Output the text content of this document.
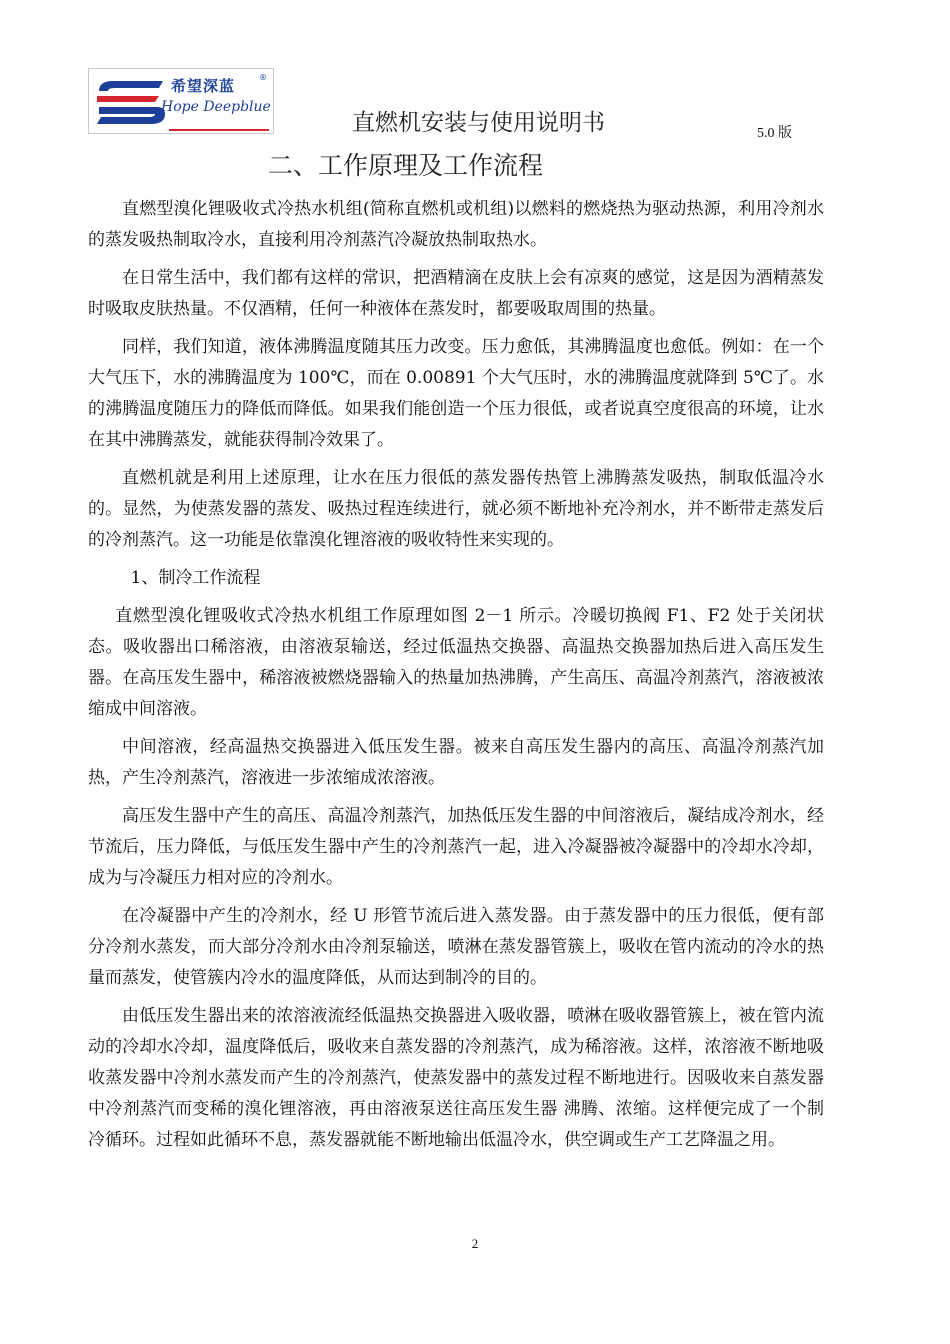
希望深蓝	®
Hope Deepblue
直燃机安装与使用说明书	5.0 版
二、工作原理及工作流程

直燃型溴化锂吸收式冷热水机组(简称直燃机或机组)以燃料的燃烧热为驱动热源，利用冷剂水的蒸发吸热制取冷水，直接利用冷剂蒸汽冷凝放热制取热水。

在日常生活中，我们都有这样的常识，把酒精滴在皮肤上会有凉爽的感觉，这是因为酒精蒸发时吸取皮肤热量。不仅酒精，任何一种液体在蒸发时，都要吸取周围的热量。

同样，我们知道，液体沸腾温度随其压力改变。压力愈低，其沸腾温度也愈低。例如：在一个大气压下，水的沸腾温度为 100℃，而在 0.00891 个大气压时，水的沸腾温度就降到 5℃了。水的沸腾温度随压力的降低而降低。如果我们能创造一个压力很低，或者说真空度很高的环境，让水在其中沸腾蒸发，就能获得制冷效果了。

直燃机就是利用上述原理，让水在压力很低的蒸发器传热管上沸腾蒸发吸热，制取低温冷水的。显然，为使蒸发器的蒸发、吸热过程连续进行，就必须不断地补充冷剂水，并不断带走蒸发后的冷剂蒸汽。这一功能是依靠溴化锂溶液的吸收特性来实现的。

1、制冷工作流程

直燃型溴化锂吸收式冷热水机组工作原理如图 2－1 所示。冷暖切换阀 F1、F2 处于关闭状态。吸收器出口稀溶液，由溶液泵输送，经过低温热交换器、高温热交换器加热后进入高压发生器。在高压发生器中，稀溶液被燃烧器输入的热量加热沸腾，产生高压、高温冷剂蒸汽，溶液被浓缩成中间溶液。

中间溶液，经高温热交换器进入低压发生器。被来自高压发生器内的高压、高温冷剂蒸汽加热，产生冷剂蒸汽，溶液进一步浓缩成浓溶液。

高压发生器中产生的高压、高温冷剂蒸汽，加热低压发生器的中间溶液后，凝结成冷剂水，经节流后，压力降低，与低压发生器中产生的冷剂蒸汽一起，进入冷凝器被冷凝器中的冷却水冷却，成为与冷凝压力相对应的冷剂水。

在冷凝器中产生的冷剂水，经 U 形管节流后进入蒸发器。由于蒸发器中的压力很低，便有部分冷剂水蒸发，而大部分冷剂水由冷剂泵输送，喷淋在蒸发器管簇上，吸收在管内流动的冷水的热量而蒸发，使管簇内冷水的温度降低，从而达到制冷的目的。

由低压发生器出来的浓溶液流经低温热交换器进入吸收器，喷淋在吸收器管簇上，被在管内流动的冷却水冷却，温度降低后，吸收来自蒸发器的冷剂蒸汽，成为稀溶液。这样，浓溶液不断地吸收蒸发器中冷剂水蒸发而产生的冷剂蒸汽，使蒸发器中的蒸发过程不断地进行。因吸收来自蒸发器中冷剂蒸汽而变稀的溴化锂溶液，再由溶液泵送往高压发生器 沸腾、浓缩。这样便完成了一个制冷循环。过程如此循环不息，蒸发器就能不断地输出低温冷水，供空调或生产工艺降温之用。

2
